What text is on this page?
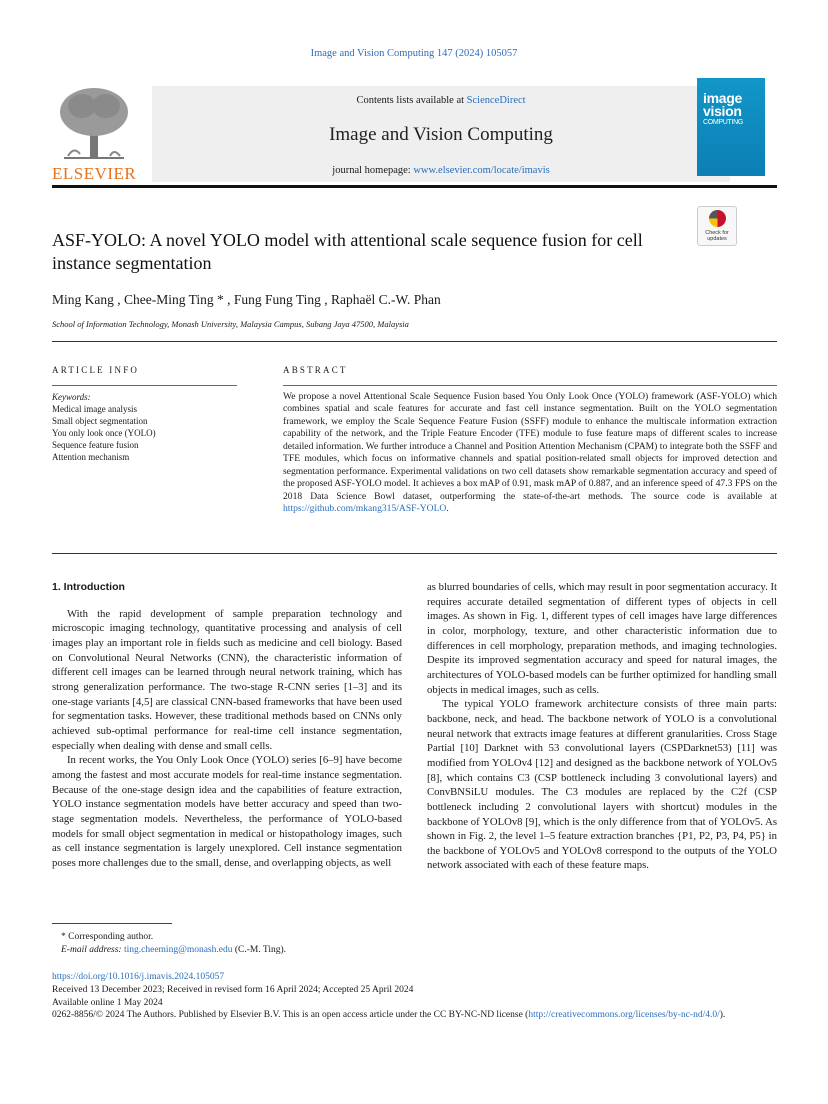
Image and Vision Computing 147 (2024) 105057
ELSEVIER
Contents lists available at ScienceDirect
Image and Vision Computing
journal homepage: www.elsevier.com/locate/imavis
image
vision
COMPUTING
Check for
updates
ASF-YOLO: A novel YOLO model with attentional scale sequence fusion for cell instance segmentation
Ming Kang , Chee-Ming Ting * , Fung Fung Ting , Raphaël C.-W. Phan
School of Information Technology, Monash University, Malaysia Campus, Subang Jaya 47500, Malaysia
ARTICLE INFO	ABSTRACT
Keywords:
Medical image analysis
Small object segmentation
You only look once (YOLO)
Sequence feature fusion
Attention mechanism
We propose a novel Attentional Scale Sequence Fusion based You Only Look Once (YOLO) framework (ASF-YOLO) which combines spatial and scale features for accurate and fast cell instance segmentation. Built on the YOLO segmentation framework, we employ the Scale Sequence Feature Fusion (SSFF) module to enhance the multiscale information extraction capability of the network, and the Triple Feature Encoder (TFE) module to fuse feature maps of different scales to increase detailed information. We further introduce a Channel and Position Attention Mechanism (CPAM) to integrate both the SSFF and TFE modules, which focus on informative channels and spatial position-related small objects for improved detection and segmentation performance. Experimental validations on two cell datasets show remarkable segmentation accuracy and speed of the proposed ASF-YOLO model. It achieves a box mAP of 0.91, mask mAP of 0.887, and an inference speed of 47.3 FPS on the 2018 Data Science Bowl dataset, outperforming the state-of-the-art methods. The source code is available at https://github.com/mkang315/ASF-YOLO.
1. Introduction

With the rapid development of sample preparation technology and microscopic imaging technology, quantitative processing and analysis of cell images play an important role in fields such as medicine and cell biology. Based on Convolutional Neural Networks (CNN), the characteristic information of different cell images can be learned through neural network training, which has strong generalization performance. The two-stage R-CNN series [1–3] and its one-stage variants [4,5] are classical CNN-based frameworks that have been used for segmentation tasks. However, these traditional methods based on CNNs only achieved sub-optimal performance for real-time cell instance segmentation, especially when dealing with dense and small cells.

In recent works, the You Only Look Once (YOLO) series [6–9] have become among the fastest and most accurate models for real-time instance segmentation. Because of the one-stage design idea and the capabilities of feature extraction, YOLO instance segmentation models have better accuracy and speed than two-stage segmentation models. Nevertheless, the performance of YOLO-based models for small object segmentation in medical or histopathology images, such as cell instance segmentation is largely unexplored. Cell instance segmentation poses more challenges due to the small, dense, and overlapping objects, as well

as blurred boundaries of cells, which may result in poor segmentation accuracy. It requires accurate detailed segmentation of different types of objects in cell images. As shown in Fig. 1, different types of cell images have large differences in color, morphology, texture, and other characteristic information due to differences in cell morphology, preparation methods, and imaging technologies. Despite its improved segmentation accuracy and speed for natural images, the architectures of YOLO-based models can be further optimized for handling small objects in medical images, such as cells.

The typical YOLO framework architecture consists of three main parts: backbone, neck, and head. The backbone network of YOLO is a convolutional neural network that extracts image features at different granularities. Cross Stage Partial [10] Darknet with 53 convolutional layers (CSPDarknet53) [11] was modified from YOLOv4 [12] and designed as the backbone network of YOLOv5 [8], which contains C3 (CSP bottleneck including 3 convolutional layers) and ConvBNSiLU modules. The C3 modules are replaced by the C2f (CSP bottleneck including 2 convolutional layers with shortcut) modules in the backbone of YOLOv8 [9], which is the only difference from that of YOLOv5. As shown in Fig. 2, the level 1–5 feature extraction branches {P1, P2, P3, P4, P5} in the backbone of YOLOv5 and YOLOv8 correspond to the outputs of the YOLO network associated with each of these feature maps.

* Corresponding author.
E-mail address: ting.cheeming@monash.edu (C.-M. Ting).
https://doi.org/10.1016/j.imavis.2024.105057
Received 13 December 2023; Received in revised form 16 April 2024; Accepted 25 April 2024
Available online 1 May 2024
0262-8856/© 2024 The Authors. Published by Elsevier B.V. This is an open access article under the CC BY-NC-ND license (http://creativecommons.org/licenses/by-nc-nd/4.0/).
